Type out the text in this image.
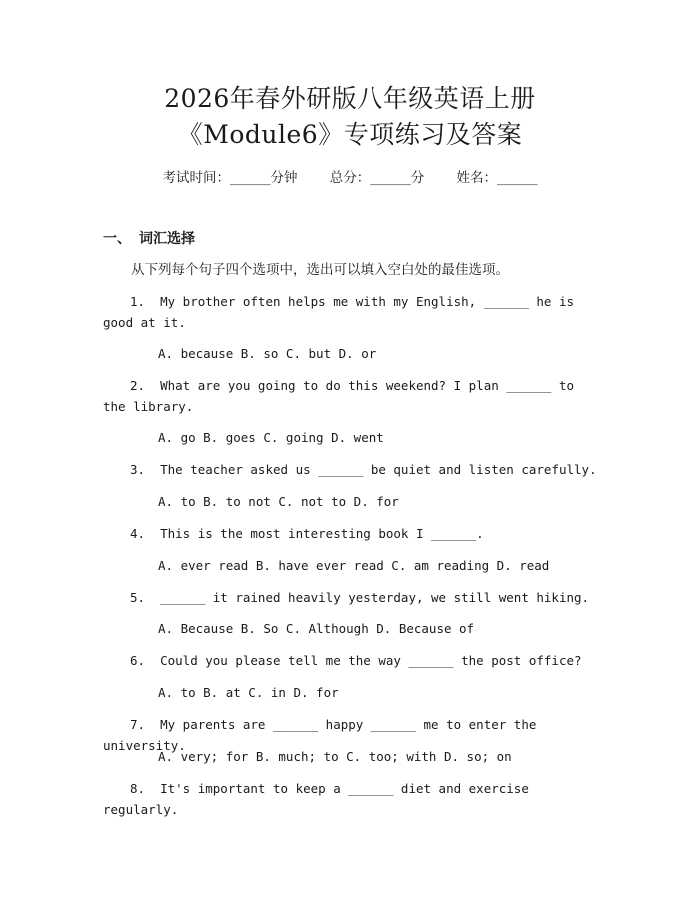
2026年春外研版八年级英语上册
《Module6》专项练习及答案
考试时间：______分钟 总分：______分 姓名：______
一、 词汇选择
从下列每个句子四个选项中，选出可以填入空白处的最佳选项。
1.  My brother often helps me with my English, ______ he is good at it.
A. because B. so C. but D. or
2.  What are you going to do this weekend? I plan ______ to the library.
A. go B. goes C. going D. went
3.  The teacher asked us ______ be quiet and listen carefully.
A. to B. to not C. not to D. for
4.  This is the most interesting book I ______.
A. ever read B. have ever read C. am reading D. read
5.  ______ it rained heavily yesterday, we still went hiking.
A. Because B. So C. Although D. Because of
6.  Could you please tell me the way ______ the post office?
A. to B. at C. in D. for
7.  My parents are ______ happy ______ me to enter the university.
A. very; for B. much; to C. too; with D. so; on
8.  It's important to keep a ______ diet and exercise regularly.
